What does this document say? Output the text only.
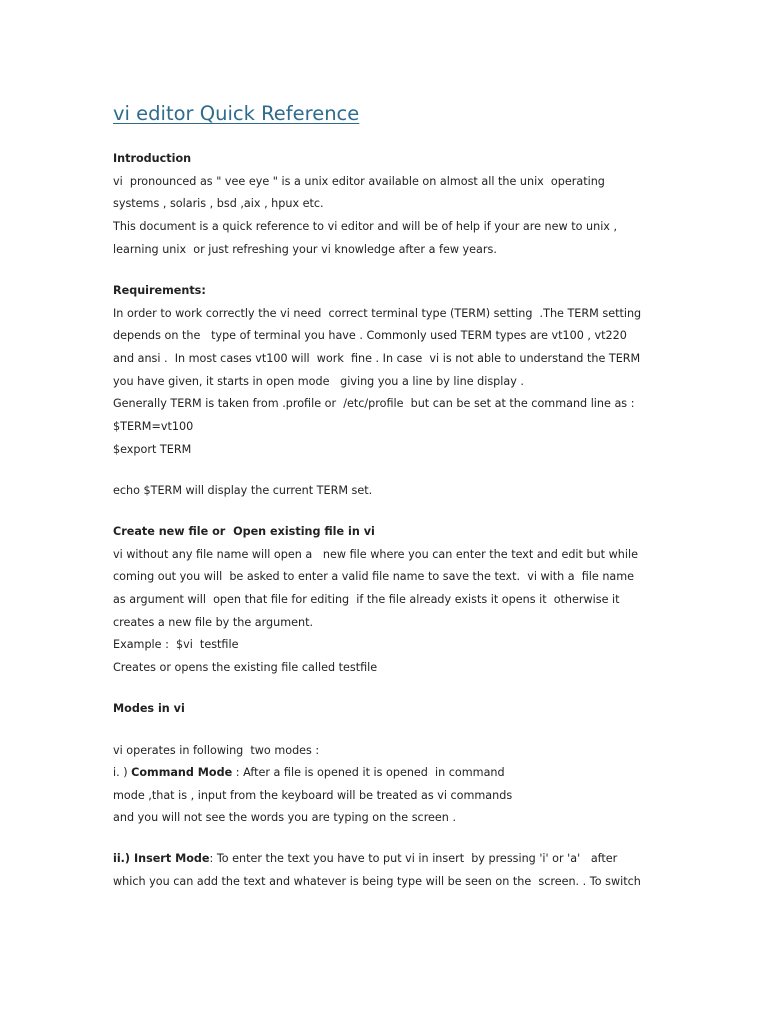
vi editor Quick Reference
Introduction
vi  pronounced as " vee eye " is a unix editor available on almost all the unix  operating
systems , solaris , bsd ,aix , hpux etc.
This document is a quick reference to vi editor and will be of help if your are new to unix ,
learning unix  or just refreshing your vi knowledge after a few years.
Requirements:
In order to work correctly the vi need  correct terminal type (TERM) setting  .The TERM setting
depends on the   type of terminal you have . Commonly used TERM types are vt100 , vt220
and ansi .  In most cases vt100 will  work  fine . In case  vi is not able to understand the TERM
you have given, it starts in open mode   giving you a line by line display .
Generally TERM is taken from .profile or  /etc/profile  but can be set at the command line as :
$TERM=vt100
$export TERM
echo $TERM will display the current TERM set.
Create new file or  Open existing file in vi
vi without any file name will open a   new file where you can enter the text and edit but while
coming out you will  be asked to enter a valid file name to save the text.  vi with a  file name
as argument will  open that file for editing  if the file already exists it opens it  otherwise it
creates a new file by the argument.
Example :  $vi  testfile
Creates or opens the existing file called testfile
Modes in vi
vi operates in following  two modes :
i. ) Command Mode : After a file is opened it is opened  in command
mode ,that is , input from the keyboard will be treated as vi commands
and you will not see the words you are typing on the screen .
ii.) Insert Mode: To enter the text you have to put vi in insert  by pressing 'i' or 'a'   after
which you can add the text and whatever is being type will be seen on the  screen. . To switch
